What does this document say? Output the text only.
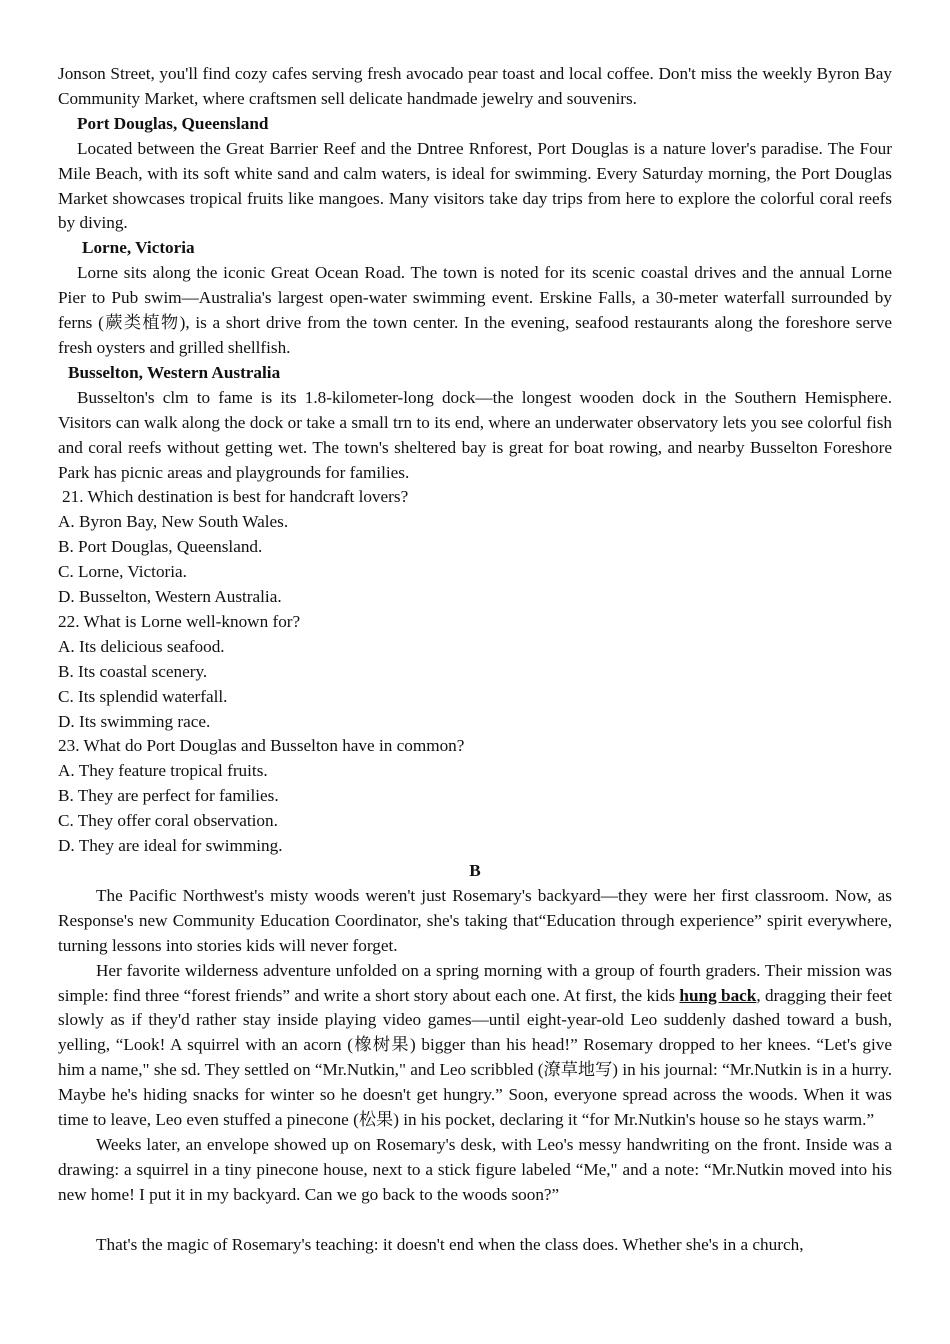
Jonson Street, you'll find cozy cafes serving fresh avocado pear toast and local coffee. Don't miss the weekly Byron Bay Community Market, where craftsmen sell delicate handmade jewelry and souvenirs.

Port Douglas, Queensland

Located between the Great Barrier Reef and the Dntree Rnforest, Port Douglas is a nature lover's paradise. The Four Mile Beach, with its soft white sand and calm waters, is ideal for swimming. Every Saturday morning, the Port Douglas Market showcases tropical fruits like mangoes. Many visitors take day trips from here to explore the colorful coral reefs by diving.

Lorne, Victoria

Lorne sits along the iconic Great Ocean Road. The town is noted for its scenic coastal drives and the annual Lorne Pier to Pub swim—Australia's largest open-water swimming event. Erskine Falls, a 30-meter waterfall surrounded by ferns (蕨类植物), is a short drive from the town center. In the evening, seafood restaurants along the foreshore serve fresh oysters and grilled shellfish.

Busselton, Western Australia

Busselton's clm to fame is its 1.8-kilometer-long dock—the longest wooden dock in the Southern Hemisphere. Visitors can walk along the dock or take a small trn to its end, where an underwater observatory lets you see colorful fish and coral reefs without getting wet. The town's sheltered bay is great for boat rowing, and nearby Busselton Foreshore Park has picnic areas and playgrounds for families.

21. Which destination is best for handcraft lovers?

A. Byron Bay, New South Wales.

B. Port Douglas, Queensland.

C. Lorne, Victoria.

D. Busselton, Western Australia.

22. What is Lorne well-known for?

A. Its delicious seafood.

B. Its coastal scenery.

C. Its splendid waterfall.

D. Its swimming race.

23. What do Port Douglas and Busselton have in common?

A. They feature tropical fruits.

B. They are perfect for families.

C. They offer coral observation.

D. They are ideal for swimming.

B

The Pacific Northwest's misty woods weren't just Rosemary's backyard—they were her first classroom. Now, as Response's new Community Education Coordinator, she's taking that“Education through experience” spirit everywhere, turning lessons into stories kids will never forget.

Her favorite wilderness adventure unfolded on a spring morning with a group of fourth graders. Their mission was simple: find three “forest friends” and write a short story about each one. At first, the kids hung back, dragging their feet slowly as if they'd rather stay inside playing video games—until eight-year-old Leo suddenly dashed toward a bush, yelling, “Look! A squirrel with an acorn (橡树果) bigger than his head!” Rosemary dropped to her knees. “Let's give him a name," she sd. They settled on “Mr.Nutkin," and Leo scribbled (潦草地写) in his journal: “Mr.Nutkin is in a hurry. Maybe he's hiding snacks for winter so he doesn't get hungry.” Soon, everyone spread across the woods. When it was time to leave, Leo even stuffed a pinecone (松果) in his pocket, declaring it “for Mr.Nutkin's house so he stays warm.”

Weeks later, an envelope showed up on Rosemary's desk, with Leo's messy handwriting on the front. Inside was a drawing: a squirrel in a tiny pinecone house, next to a stick figure labeled “Me," and a note: “Mr.Nutkin moved into his new home! I put it in my backyard. Can we go back to the woods soon?”

That's the magic of Rosemary's teaching: it doesn't end when the class does. Whether she's in a church,
